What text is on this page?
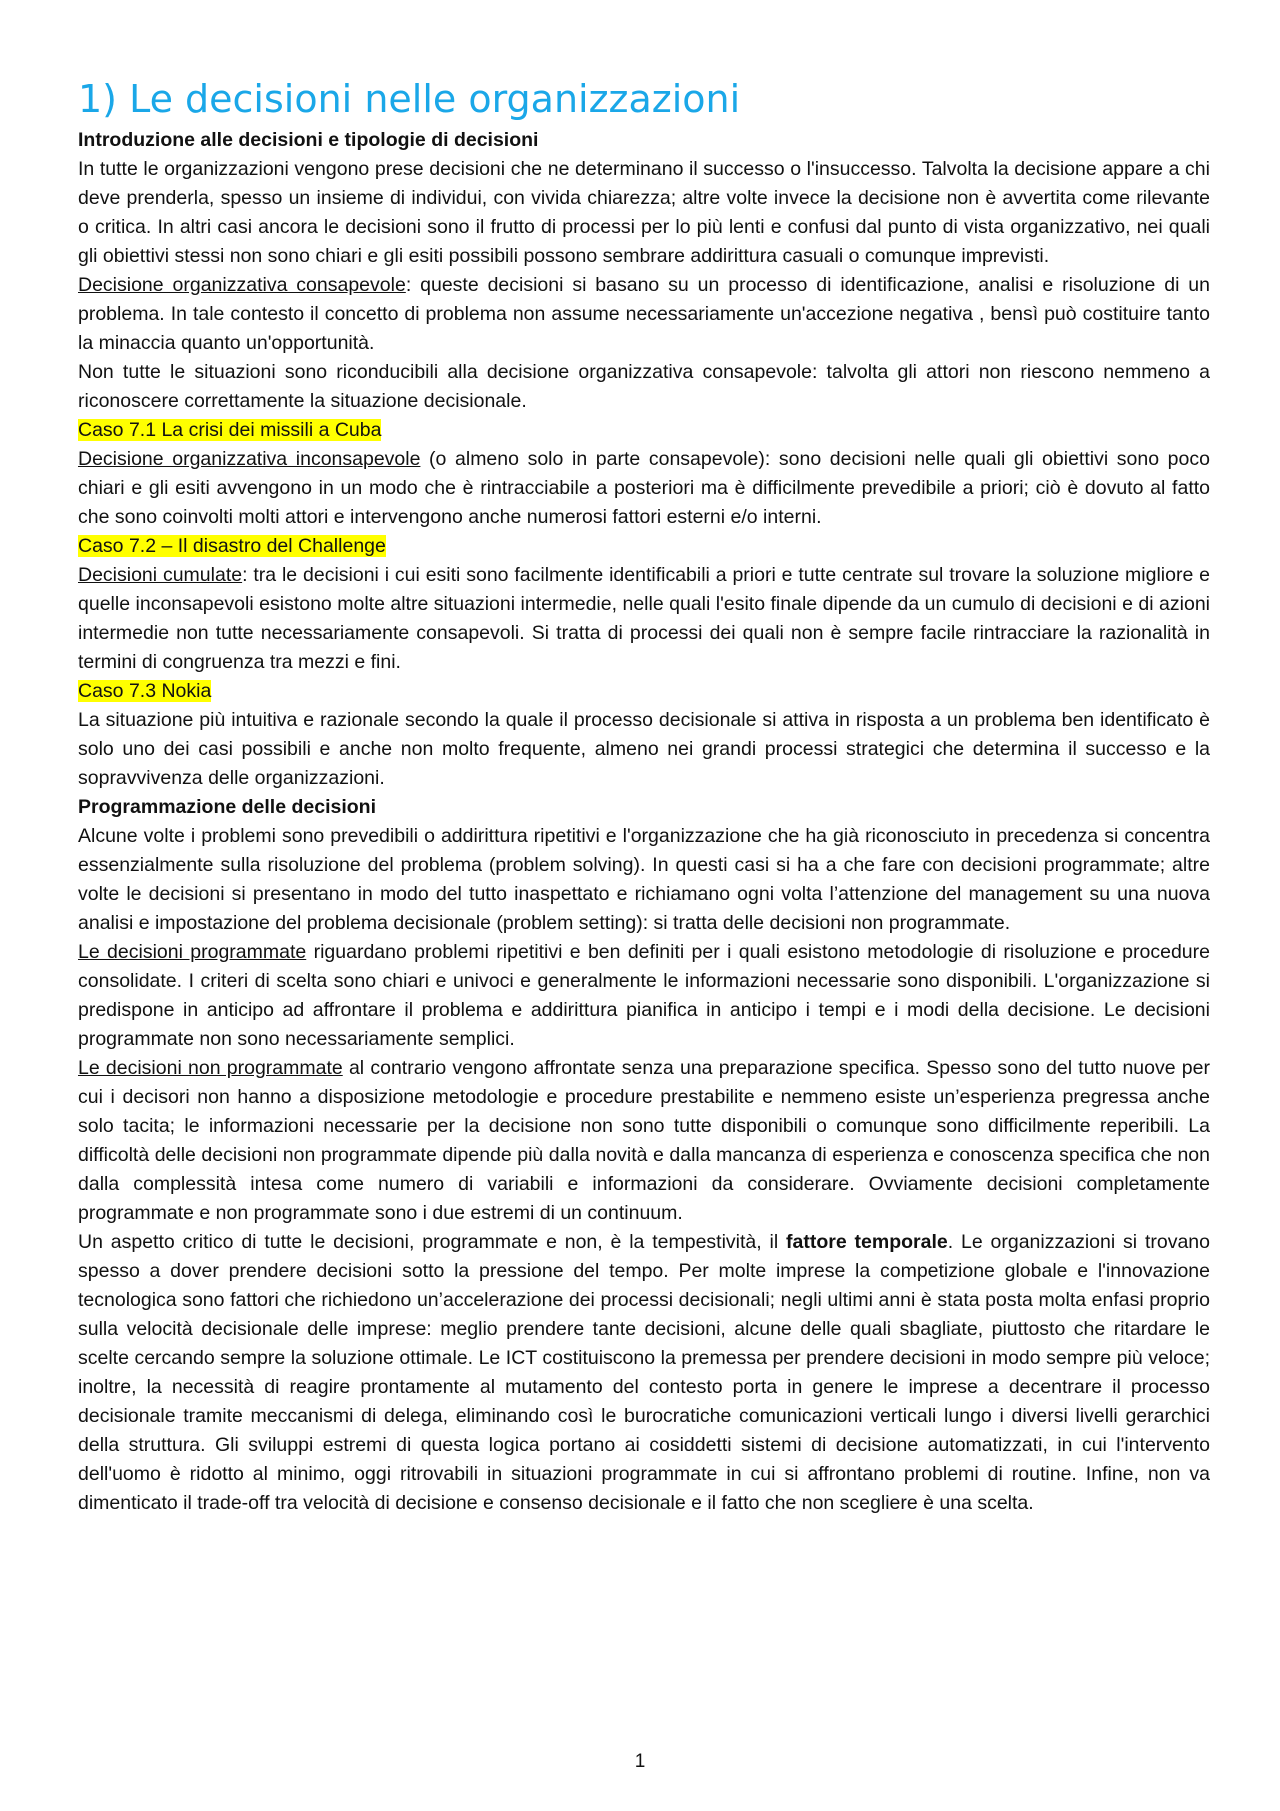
1) Le decisioni nelle organizzazioni

Introduzione alle decisioni e tipologie di decisioni

In tutte le organizzazioni vengono prese decisioni che ne determinano il successo o l'insuccesso. Talvolta la decisione appare a chi deve prenderla, spesso un insieme di individui, con vivida chiarezza; altre volte invece la decisione non è avvertita come rilevante o critica. In altri casi ancora le decisioni sono il frutto di processi per lo più lenti e confusi dal punto di vista organizzativo, nei quali gli obiettivi stessi non sono chiari e gli esiti possibili possono sembrare addirittura casuali o comunque imprevisti.

Decisione organizzativa consapevole: queste decisioni si basano su un processo di identificazione, analisi e risoluzione di un problema. In tale contesto il concetto di problema non assume necessariamente un'accezione negativa , bensì può costituire tanto la minaccia quanto un'opportunità.

Non tutte le situazioni sono riconducibili alla decisione organizzativa consapevole: talvolta gli attori non riescono nemmeno a riconoscere correttamente la situazione decisionale.

Caso 7.1 La crisi dei missili a Cuba

Decisione organizzativa inconsapevole (o almeno solo in parte consapevole): sono decisioni nelle quali gli obiettivi sono poco chiari e gli esiti avvengono in un modo che è rintracciabile a posteriori ma è difficilmente prevedibile a priori; ciò è dovuto al fatto che sono coinvolti molti attori e intervengono anche numerosi fattori esterni e/o interni.

Caso 7.2 – Il disastro del Challenge

Decisioni cumulate: tra le decisioni i cui esiti sono facilmente identificabili a priori e tutte centrate sul trovare la soluzione migliore e quelle inconsapevoli esistono molte altre situazioni intermedie, nelle quali l'esito finale dipende da un cumulo di decisioni e di azioni intermedie non tutte necessariamente consapevoli. Si tratta di processi dei quali non è sempre facile rintracciare la razionalità in termini di congruenza tra mezzi e fini.

Caso 7.3 Nokia

La situazione più intuitiva e razionale secondo la quale il processo decisionale si attiva in risposta a un problema ben identificato è solo uno dei casi possibili e anche non molto frequente, almeno nei grandi processi strategici che determina il successo e la sopravvivenza delle organizzazioni.

Programmazione delle decisioni

Alcune volte i problemi sono prevedibili o addirittura ripetitivi e l'organizzazione che ha già riconosciuto in precedenza si concentra essenzialmente sulla risoluzione del problema (problem solving). In questi casi si ha a che fare con decisioni programmate; altre volte le decisioni si presentano in modo del tutto inaspettato e richiamano ogni volta l’attenzione del management su una nuova analisi e impostazione del problema decisionale (problem setting): si tratta delle decisioni non programmate.

Le decisioni programmate riguardano problemi ripetitivi e ben definiti per i quali esistono metodologie di risoluzione e procedure consolidate. I criteri di scelta sono chiari e univoci e generalmente le informazioni necessarie sono disponibili. L'organizzazione si predispone in anticipo ad affrontare il problema e addirittura pianifica in anticipo i tempi e i modi della decisione. Le decisioni programmate non sono necessariamente semplici.

Le decisioni non programmate al contrario vengono affrontate senza una preparazione specifica. Spesso sono del tutto nuove per cui i decisori non hanno a disposizione metodologie e procedure prestabilite e nemmeno esiste un’esperienza pregressa anche solo tacita; le informazioni necessarie per la decisione non sono tutte disponibili o comunque sono difficilmente reperibili. La difficoltà delle decisioni non programmate dipende più dalla novità e dalla mancanza di esperienza e conoscenza specifica che non dalla complessità intesa come numero di variabili e informazioni da considerare. Ovviamente decisioni completamente programmate e non programmate sono i due estremi di un continuum.

Un aspetto critico di tutte le decisioni, programmate e non, è la tempestività, il fattore temporale. Le organizzazioni si trovano spesso a dover prendere decisioni sotto la pressione del tempo. Per molte imprese la competizione globale e l'innovazione tecnologica sono fattori che richiedono un’accelerazione dei processi decisionali; negli ultimi anni è stata posta molta enfasi proprio sulla velocità decisionale delle imprese: meglio prendere tante decisioni, alcune delle quali sbagliate, piuttosto che ritardare le scelte cercando sempre la soluzione ottimale. Le ICT costituiscono la premessa per prendere decisioni in modo sempre più veloce; inoltre, la necessità di reagire prontamente al mutamento del contesto porta in genere le imprese a decentrare il processo decisionale tramite meccanismi di delega, eliminando così le burocratiche comunicazioni verticali lungo i diversi livelli gerarchici della struttura. Gli sviluppi estremi di questa logica portano ai cosiddetti sistemi di decisione automatizzati, in cui l'intervento dell'uomo è ridotto al minimo, oggi ritrovabili in situazioni programmate in cui si affrontano problemi di routine. Infine, non va dimenticato il trade-off tra velocità di decisione e consenso decisionale e il fatto che non scegliere è una scelta.

1
